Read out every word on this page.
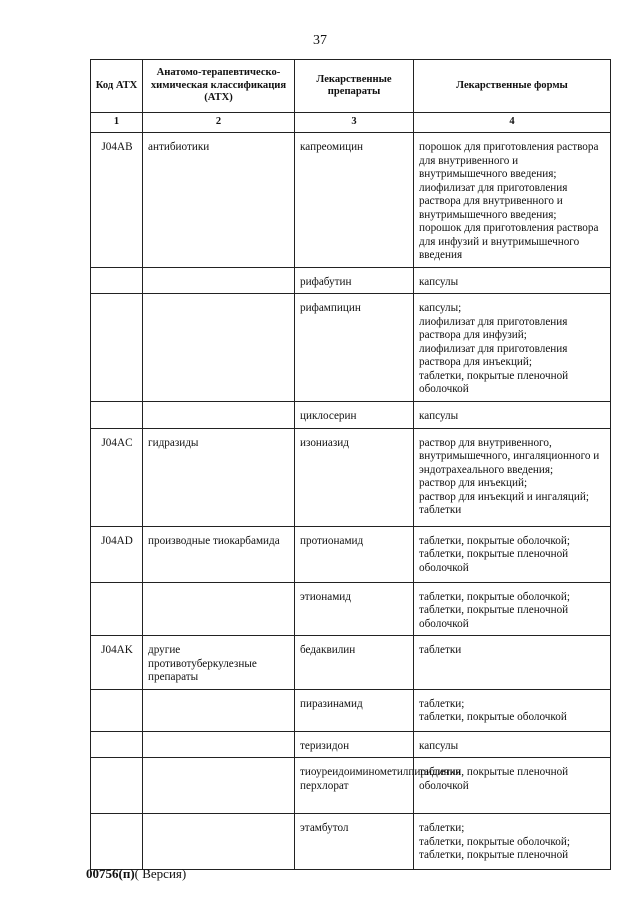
37
Код АТХ	Анатомо-терапевтическо-химическая классификация (АТХ)	Лекарственные препараты	Лекарственные формы
1	2	3	4
J04AB	антибиотики	капреомицин	порошок для приготовления раствора для внутривенного и внутримышечного введения;
лиофилизат для приготовления раствора для внутривенного и внутримышечного введения;
порошок для приготовления раствора для инфузий и внутримышечного введения
		рифабутин	капсулы
		рифампицин	капсулы;
лиофилизат для приготовления раствора для инфузий;
лиофилизат для приготовления раствора для инъекций;
таблетки, покрытые пленочной оболочкой
		циклосерин	капсулы
J04AC	гидразиды	изониазид	раствор для внутривенного, внутримышечного, ингаляционного и эндотрахеального введения;
раствор для инъекций;
раствор для инъекций и ингаляций;
таблетки
J04AD	производные тиокарбамида	протионамид	таблетки, покрытые оболочкой;
таблетки, покрытые пленочной оболочкой
		этионамид	таблетки, покрытые оболочкой;
таблетки, покрытые пленочной оболочкой
J04AK	другие противотуберкулезные препараты	бедаквилин	таблетки
		пиразинамид	таблетки;
таблетки, покрытые оболочкой
		теризидон	капсулы
		тиоуреидоиминометилпиридиния перхлорат	таблетки, покрытые пленочной оболочкой
		этамбутол	таблетки;
таблетки, покрытые оболочкой;
таблетки, покрытые пленочной
00756(п)( Версия)
